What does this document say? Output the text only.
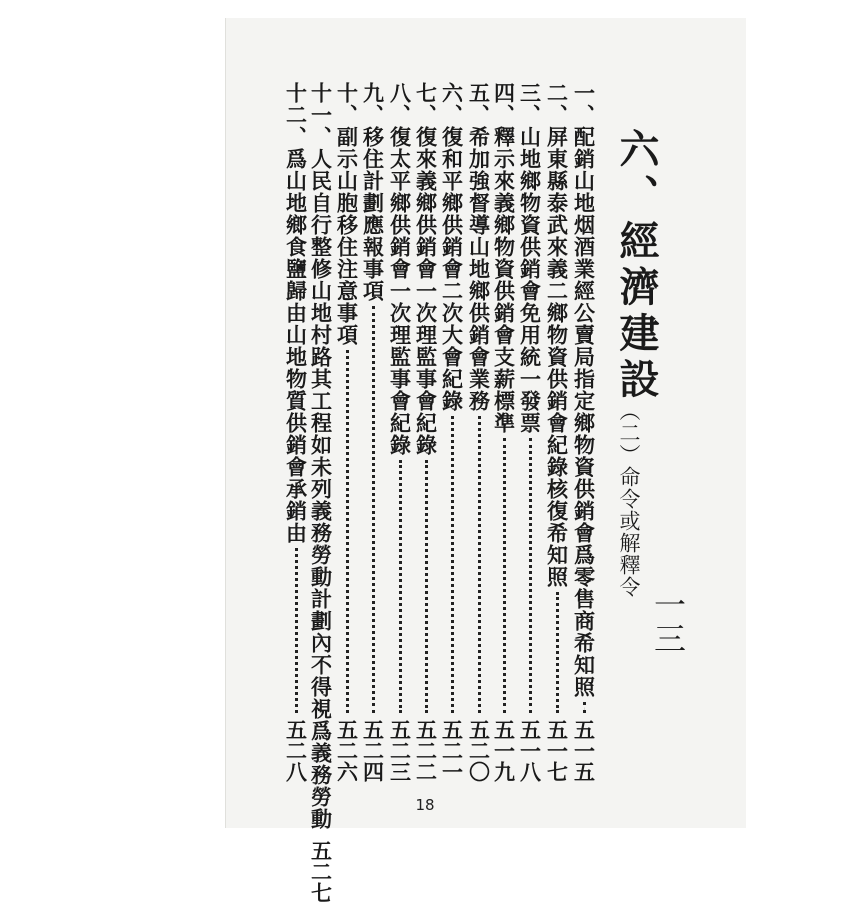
六、經濟建設
（二）命令或解釋令
一三
一、
配銷山地烟酒業經公賣局指定鄉物資供銷會爲零售商希知照
五一五
二、
屏東縣泰武來義二鄉物資供銷會紀錄核復希知照
五一七
三、
山地鄉物資供銷會免用統一發票
五一八
四、
釋示來義鄉物資供銷會支薪標準
五一九
五、
希加強督導山地鄉供銷會業務
五二〇
六、
復和平鄉供銷會二次大會紀錄
五二一
七、
復來義鄉供銷會一次理監事會紀錄
五二二
八、
復太平鄉供銷會一次理監事會紀錄
五二三
九、
移住計劃應報事項
五二四
十、
副示山胞移住注意事項
五二六
十一、
人民自行整修山地村路其工程如未列義務勞動計劃內不得視爲義務勞動
五二七
十二、
爲山地鄉食鹽歸由山地物質供銷會承銷由
五二八
18
